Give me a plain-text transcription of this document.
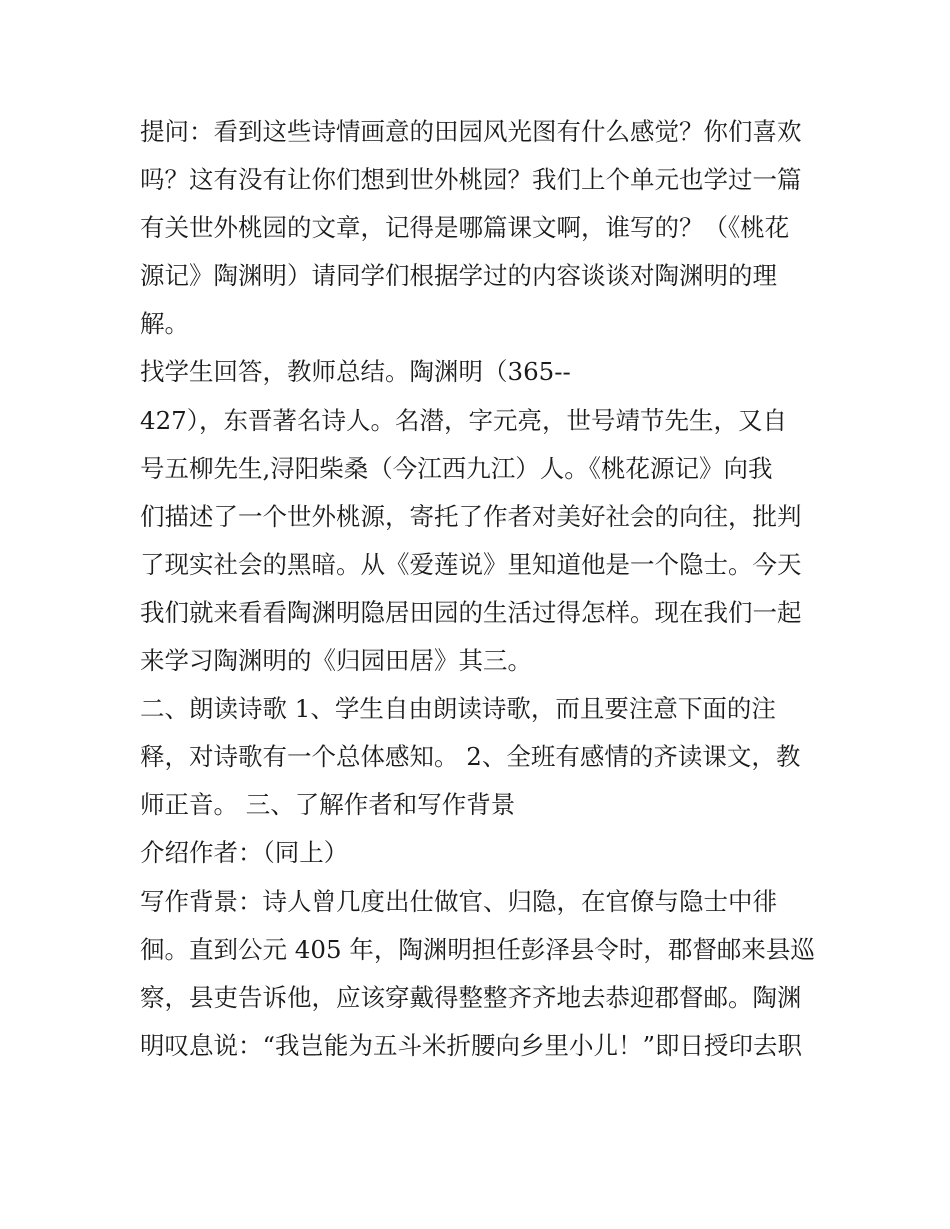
提问：看到这些诗情画意的田园风光图有什么感觉？你们喜欢
吗？这有没有让你们想到世外桃园？我们上个单元也学过一篇
有关世外桃园的文章，记得是哪篇课文啊，谁写的？（《桃花
源记》陶渊明）请同学们根据学过的内容谈谈对陶渊明的理
解。
找学生回答，教师总结。陶渊明（365--
427），东晋著名诗人。名潜，字元亮，世号靖节先生，又自
号五柳先生,浔阳柴桑（今江西九江）人。《桃花源记》向我
们描述了一个世外桃源，寄托了作者对美好社会的向往，批判
了现实社会的黑暗。从《爱莲说》里知道他是一个隐士。今天
我们就来看看陶渊明隐居田园的生活过得怎样。现在我们一起
来学习陶渊明的《归园田居》其三。
二、朗读诗歌 1、学生自由朗读诗歌，而且要注意下面的注
释，对诗歌有一个总体感知。 2、全班有感情的齐读课文，教
师正音。 三、了解作者和写作背景
介绍作者：（同上）
写作背景：诗人曾几度出仕做官、归隐，在官僚与隐士中徘
徊。直到公元 405 年，陶渊明担任彭泽县令时，郡督邮来县巡
察，县吏告诉他，应该穿戴得整整齐齐地去恭迎郡督邮。陶渊
明叹息说：“我岂能为五斗米折腰向乡里小儿！”即日授印去职
